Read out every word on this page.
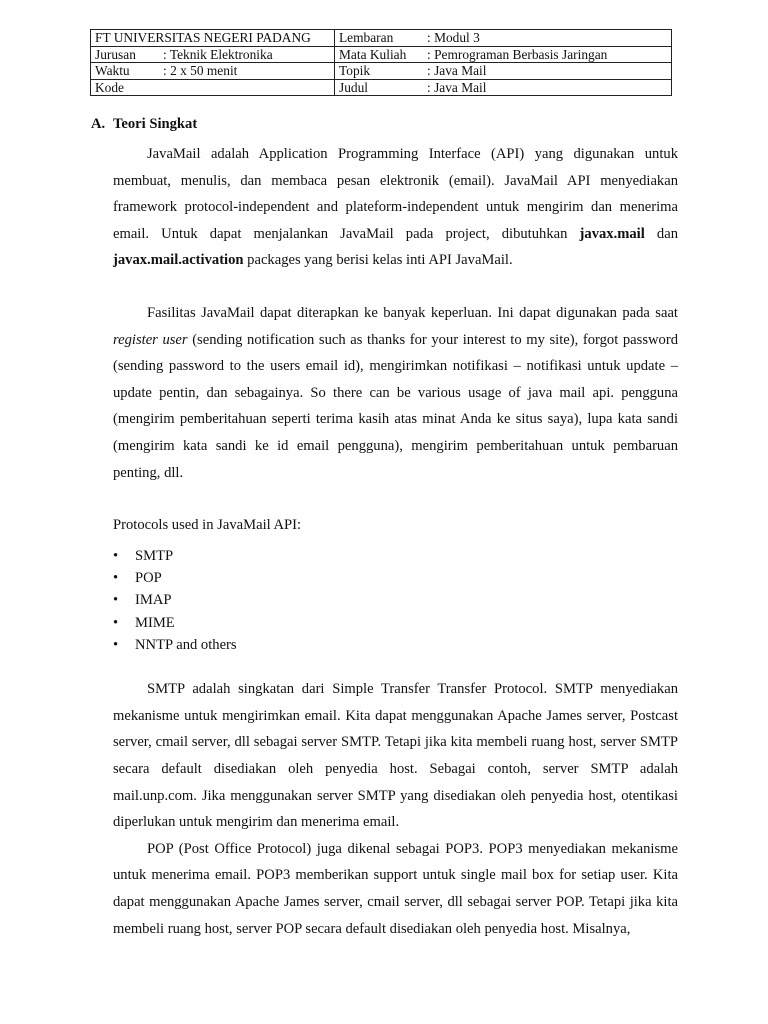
FT UNIVERSITAS NEGERI PADANG	Lembaran : Modul 3

Jurusan : Teknik Elektronika	Mata Kuliah : Pemrograman Berbasis Jaringan

Waktu : 2 x 50 menit	Topik : Java Mail

Kode	Judul : Java Mail
A. Teori Singkat

JavaMail adalah Application Programming Interface (API) yang digunakan untuk membuat, menulis, dan membaca pesan elektronik (email). JavaMail API menyediakan framework protocol-independent and plateform-independent untuk mengirim dan menerima email. Untuk dapat menjalankan JavaMail pada project, dibutuhkan javax.mail dan javax.mail.activation packages yang berisi kelas inti API JavaMail.

Fasilitas JavaMail dapat diterapkan ke banyak keperluan. Ini dapat digunakan pada saat register user (sending notification such as thanks for your interest to my site), forgot password (sending password to the users email id), mengirimkan notifikasi – notifikasi untuk update – update pentin, dan sebagainya. So there can be various usage of java mail api. pengguna (mengirim pemberitahuan seperti terima kasih atas minat Anda ke situs saya), lupa kata sandi (mengirim kata sandi ke id email pengguna), mengirim pemberitahuan untuk pembaruan penting, dll.

Protocols used in JavaMail API:

• SMTP
• POP
• IMAP
• MIME
• NNTP and others

SMTP adalah singkatan dari Simple Transfer Transfer Protocol. SMTP menyediakan mekanisme untuk mengirimkan email. Kita dapat menggunakan Apache James server, Postcast server, cmail server, dll sebagai server SMTP. Tetapi jika kita membeli ruang host, server SMTP secara default disediakan oleh penyedia host. Sebagai contoh, server SMTP adalah mail.unp.com. Jika menggunakan server SMTP yang disediakan oleh penyedia host, otentikasi diperlukan untuk mengirim dan menerima email.

POP (Post Office Protocol) juga dikenal sebagai POP3. POP3 menyediakan mekanisme untuk menerima email. POP3 memberikan support untuk single mail box for setiap user. Kita dapat menggunakan Apache James server, cmail server, dll sebagai server POP. Tetapi jika kita membeli ruang host, server POP secara default disediakan oleh penyedia host. Misalnya,
